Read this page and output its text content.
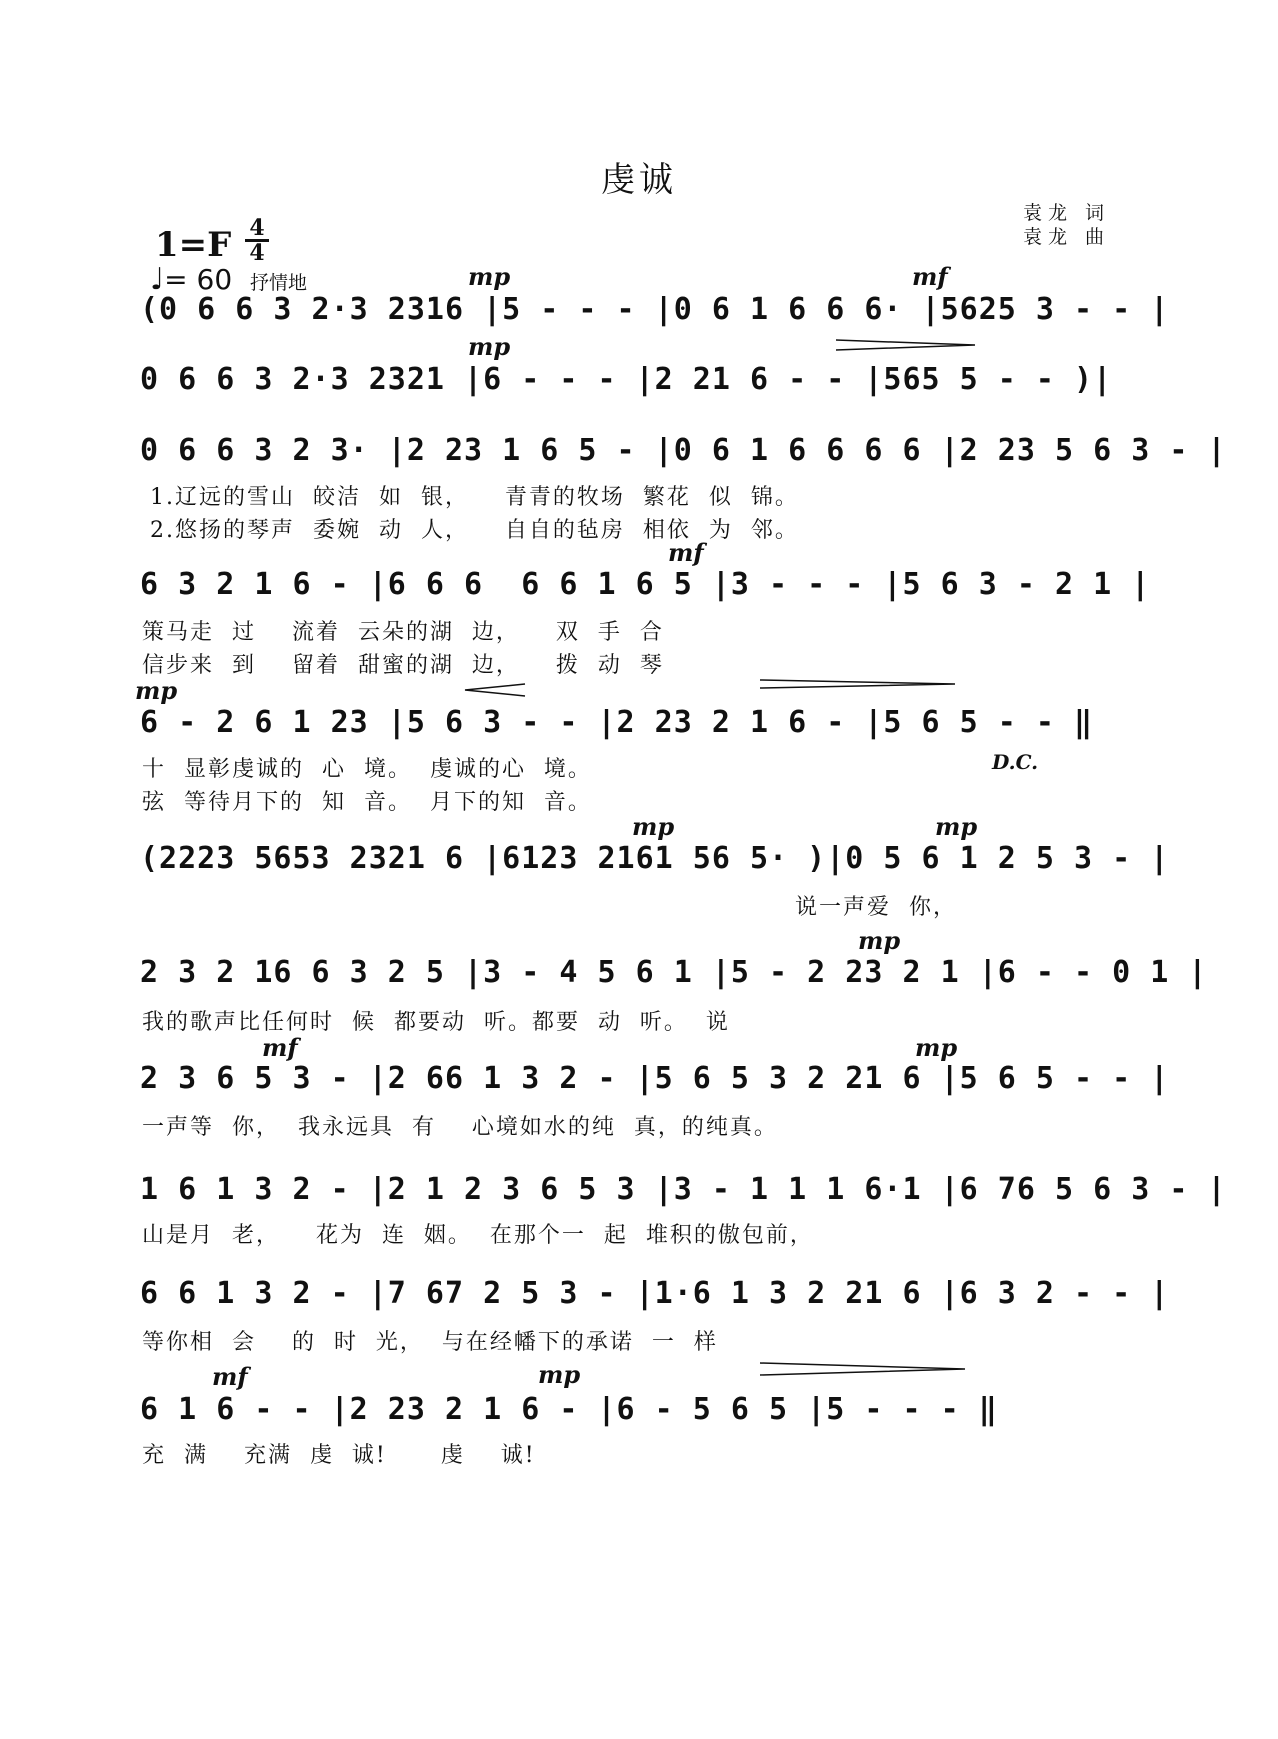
虔诚
袁龙 词
袁龙 曲
1=F 4
4
♩= 60 抒情地	mp	mf
(0 6 6 3 2·3 2316 |5 - - - |0 6 1 6 6 6· |5625 3 - - |
mp
0 6 6 3 2·3 2321 |6 - - - |2 21 6 - - |565 5 - - )|
0 6 6 3 2 3· |2 23 1 6 5 - |0 6 1 6 6 6 6 |2 23 5 6 3 - |
1.辽远的雪山  皎洁  如  银，    青青的牧场  繁花  似  锦。
2.悠扬的琴声  委婉  动  人，    自自的毡房  相依  为  邻。
mf
6 3 2 1 6 - |6 6 6  6 6 1 6 5 |3 - - - |5 6 3 - 2 1 |
策马走  过    流着  云朵的湖  边，    双  手  合
信步来  到    留着  甜蜜的湖  边，    拨  动  琴
mp
6 - 2 6 1 23 |5 6 3 - - |2 23 2 1 6 - |5 6 5 - - ‖
十  显彰虔诚的  心  境。  虔诚的心  境。
弦  等待月下的  知  音。  月下的知  音。
D.C.
mp	mp
(2223 5653 2321 6 |6123 2161 56 5· )|0 5 6 1 2 5 3 - |
说一声爱  你，
mp
2 3 2 16 6 3 2 5 |3 - 4 5 6 1 |5 - 2 23 2 1 |6 - - 0 1 |
我的歌声比任何时  候  都要动  听。都要  动  听。  说
mf	mp
2 3 6 5 3 - |2 66 1 3 2 - |5 6 5 3 2 21 6 |5 6 5 - - |
一声等  你，  我永远具  有    心境如水的纯  真，的纯真。
1 6 1 3 2 - |2 1 2 3 6 5 3 |3 - 1 1 1 6·1 |6 76 5 6 3 - |
山是月  老，    花为  连  姻。  在那个一  起  堆积的傲包前，
6 6 1 3 2 - |7 67 2 5 3 - |1·6 1 3 2 21 6 |6 3 2 - - |
等你相  会    的  时  光，  与在经幡下的承诺  一  样
mf	mp
6 1 6 - - |2 23 2 1 6 - |6 - 5 6 5 |5 - - - ‖
充  满    充满  虔  诚!      虔    诚!
